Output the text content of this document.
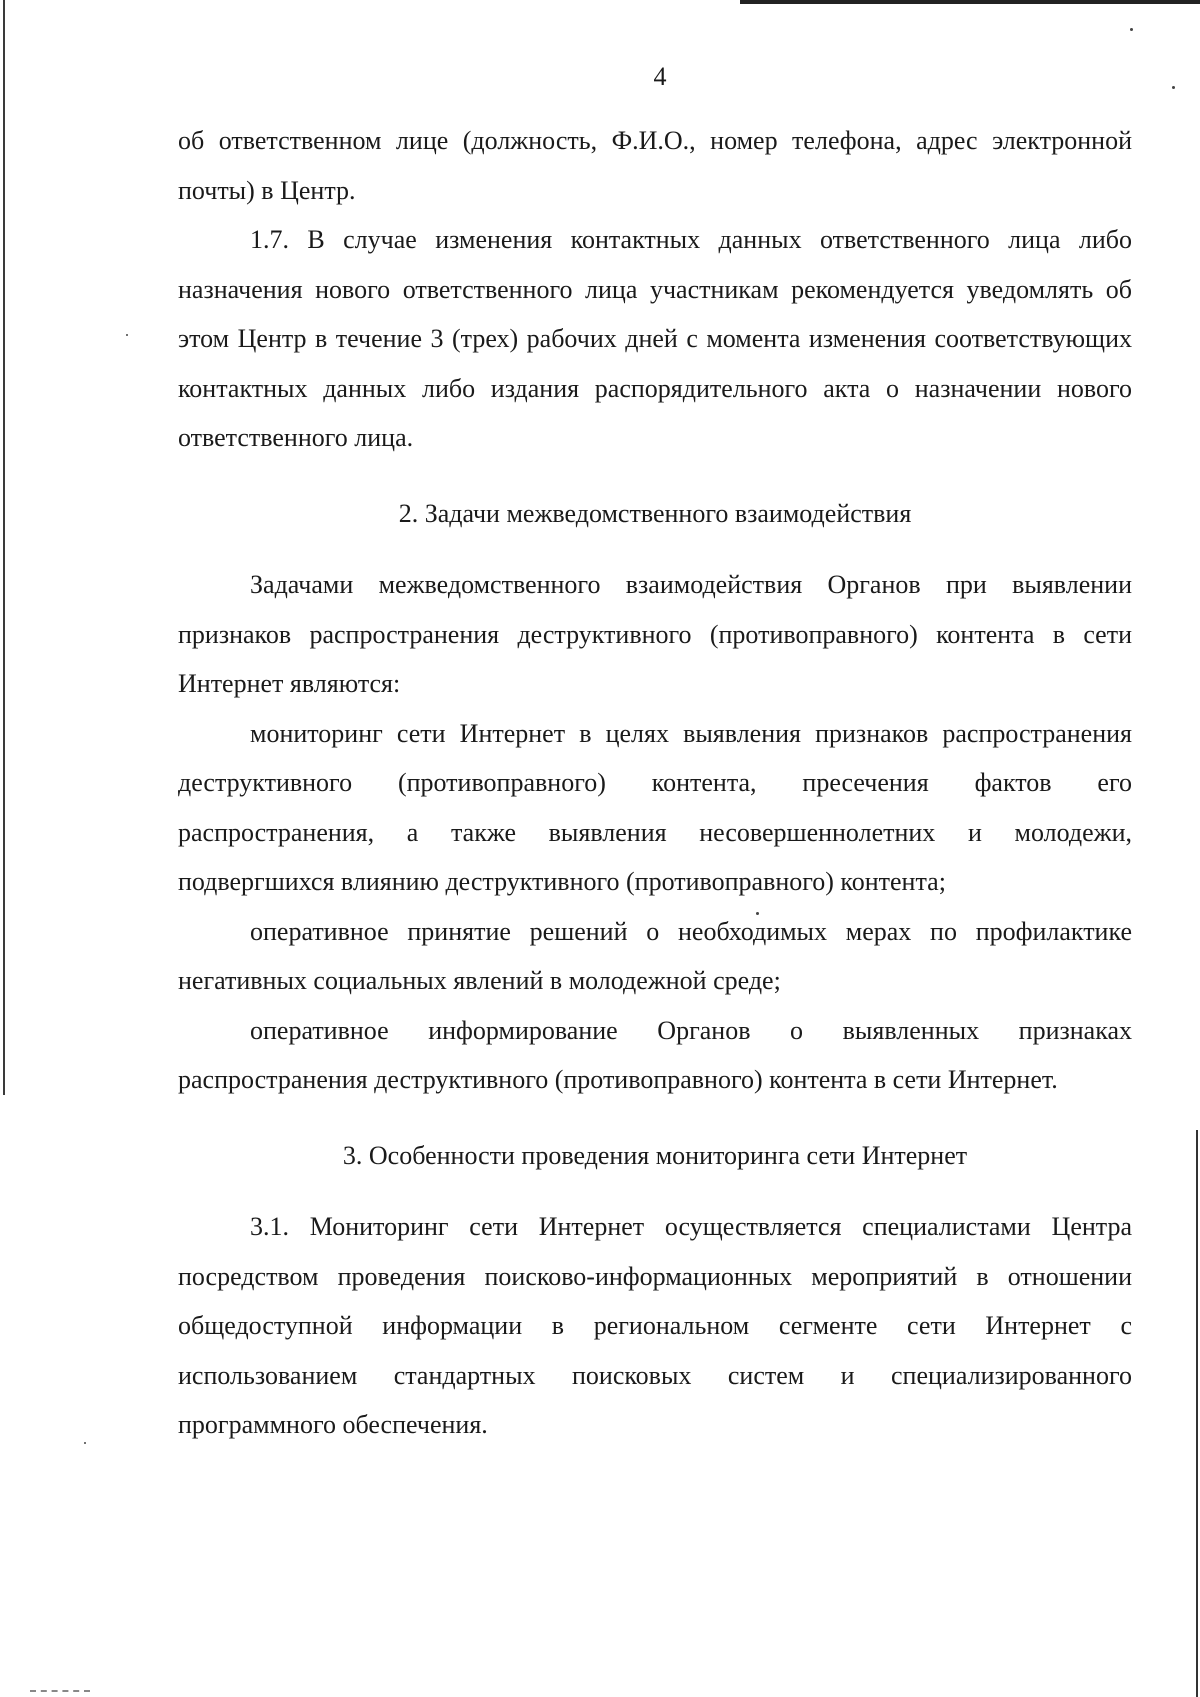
4

об ответственном лице (должность, Ф.И.О., номер телефона, адрес электронной почты) в Центр.

1.7. В случае изменения контактных данных ответственного лица либо назначения нового ответственного лица участникам рекомендуется уведомлять об этом Центр в течение 3 (трех) рабочих дней с момента изменения соответствующих контактных данных либо издания распорядительного акта о назначении нового ответственного лица.

2. Задачи межведомственного взаимодействия

Задачами межведомственного взаимодействия Органов при выявлении признаков распространения деструктивного (противоправного) контента в сети Интернет являются:

мониторинг сети Интернет в целях выявления признаков распространения деструктивного (противоправного) контента, пресечения фактов его распространения, а также выявления несовершеннолетних и молодежи, подвергшихся влиянию деструктивного (противоправного) контента;

оперативное принятие решений о необходимых мерах по профилактике негативных социальных явлений в молодежной среде;

оперативное информирование Органов о выявленных признаках распространения деструктивного (противоправного) контента в сети Интернет.

3. Особенности проведения мониторинга сети Интернет

3.1. Мониторинг сети Интернет осуществляется специалистами Центра посредством проведения поисково-информационных мероприятий в отношении общедоступной информации в региональном сегменте сети Интернет с использованием стандартных поисковых систем и специализированного программного обеспечения.
